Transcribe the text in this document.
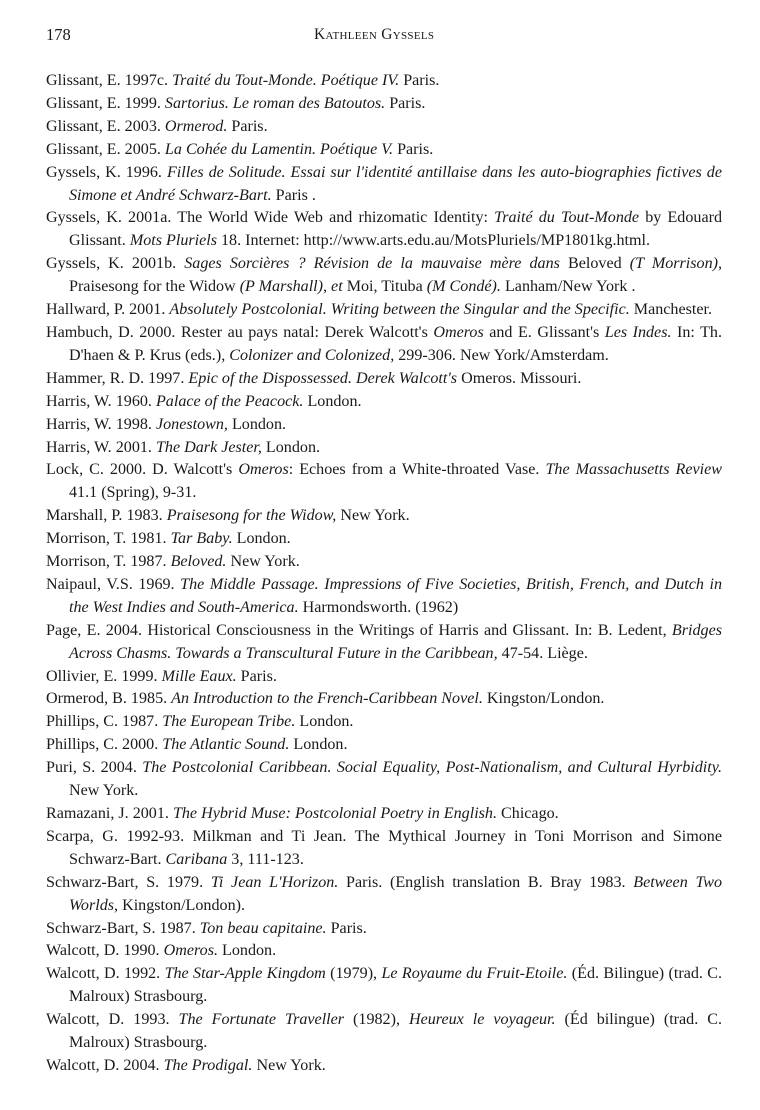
178	Kathleen Gyssels

Glissant, E. 1997c. Traité du Tout-Monde. Poétique IV. Paris.

Glissant, E. 1999. Sartorius. Le roman des Batoutos. Paris.

Glissant, E. 2003. Ormerod. Paris.

Glissant, E. 2005. La Cohée du Lamentin. Poétique V. Paris.

Gyssels, K. 1996. Filles de Solitude. Essai sur l'identité antillaise dans les auto-biographies fictives de Simone et André Schwarz-Bart. Paris .

Gyssels, K. 2001a. The World Wide Web and rhizomatic Identity: Traité du Tout-Monde by Edouard Glissant. Mots Pluriels 18. Internet: http://www.arts.edu.au/MotsPluriels/MP1801kg.html.

Gyssels, K. 2001b. Sages Sorcières ? Révision de la mauvaise mère dans Beloved (T Morrison), Praisesong for the Widow (P Marshall), et Moi, Tituba (M Condé). Lanham/New York .

Hallward, P. 2001. Absolutely Postcolonial. Writing between the Singular and the Specific. Manchester.

Hambuch, D. 2000. Rester au pays natal: Derek Walcott's Omeros and E. Glissant's Les Indes. In: Th. D'haen & P. Krus (eds.), Colonizer and Colonized, 299-306. New York/Amsterdam.

Hammer, R. D. 1997. Epic of the Dispossessed. Derek Walcott's Omeros. Missouri.

Harris, W. 1960. Palace of the Peacock. London.

Harris, W. 1998. Jonestown, London.

Harris, W. 2001. The Dark Jester, London.

Lock, C. 2000. D. Walcott's Omeros: Echoes from a White-throated Vase. The Massachusetts Review 41.1 (Spring), 9-31.

Marshall, P. 1983. Praisesong for the Widow, New York.

Morrison, T. 1981. Tar Baby. London.

Morrison, T. 1987. Beloved. New York.

Naipaul, V.S. 1969. The Middle Passage. Impressions of Five Societies, British, French, and Dutch in the West Indies and South-America. Harmondsworth. (1962)

Page, E. 2004. Historical Consciousness in the Writings of Harris and Glissant. In: B. Ledent, Bridges Across Chasms. Towards a Transcultural Future in the Caribbean, 47-54. Liège.

Ollivier, E. 1999. Mille Eaux. Paris.

Ormerod, B. 1985. An Introduction to the French-Caribbean Novel. Kingston/London.

Phillips, C. 1987. The European Tribe. London.

Phillips, C. 2000. The Atlantic Sound. London.

Puri, S. 2004. The Postcolonial Caribbean. Social Equality, Post-Nationalism, and Cultural Hyrbidity. New York.

Ramazani, J. 2001. The Hybrid Muse: Postcolonial Poetry in English. Chicago.

Scarpa, G. 1992-93. Milkman and Ti Jean. The Mythical Journey in Toni Morrison and Simone Schwarz-Bart. Caribana 3, 111-123.

Schwarz-Bart, S. 1979. Ti Jean L'Horizon. Paris. (English translation B. Bray 1983. Between Two Worlds, Kingston/London).

Schwarz-Bart, S. 1987. Ton beau capitaine. Paris.

Walcott, D. 1990. Omeros. London.

Walcott, D. 1992. The Star-Apple Kingdom (1979), Le Royaume du Fruit-Etoile. (Éd. Bilingue) (trad. C. Malroux) Strasbourg.

Walcott, D. 1993. The Fortunate Traveller (1982), Heureux le voyageur. (Éd bilingue) (trad. C. Malroux) Strasbourg.

Walcott, D. 2004. The Prodigal. New York.
